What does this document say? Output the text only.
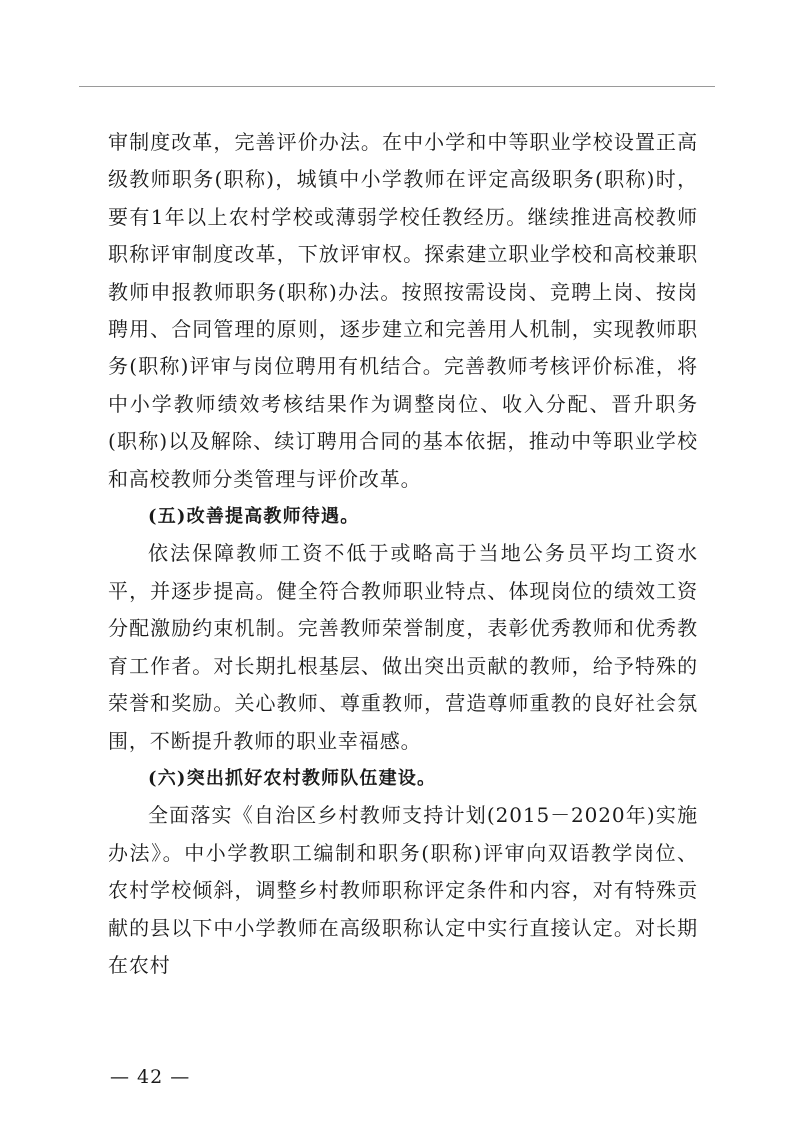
审制度改革，完善评价办法。在中小学和中等职业学校设置正高级教师职务(职称)，城镇中小学教师在评定高级职务(职称)时，要有1年以上农村学校或薄弱学校任教经历。继续推进高校教师职称评审制度改革，下放评审权。探索建立职业学校和高校兼职教师申报教师职务(职称)办法。按照按需设岗、竞聘上岗、按岗聘用、合同管理的原则，逐步建立和完善用人机制，实现教师职务(职称)评审与岗位聘用有机结合。完善教师考核评价标准，将中小学教师绩效考核结果作为调整岗位、收入分配、晋升职务(职称)以及解除、续订聘用合同的基本依据，推动中等职业学校和高校教师分类管理与评价改革。

(五)改善提高教师待遇。

依法保障教师工资不低于或略高于当地公务员平均工资水平，并逐步提高。健全符合教师职业特点、体现岗位的绩效工资分配激励约束机制。完善教师荣誉制度，表彰优秀教师和优秀教育工作者。对长期扎根基层、做出突出贡献的教师，给予特殊的荣誉和奖励。关心教师、尊重教师，营造尊师重教的良好社会氛围，不断提升教师的职业幸福感。

(六)突出抓好农村教师队伍建设。

全面落实《自治区乡村教师支持计划(2015－2020年)实施办法》。中小学教职工编制和职务(职称)评审向双语教学岗位、农村学校倾斜，调整乡村教师职称评定条件和内容，对有特殊贡献的县以下中小学教师在高级职称认定中实行直接认定。对长期在农村

— 42 —
